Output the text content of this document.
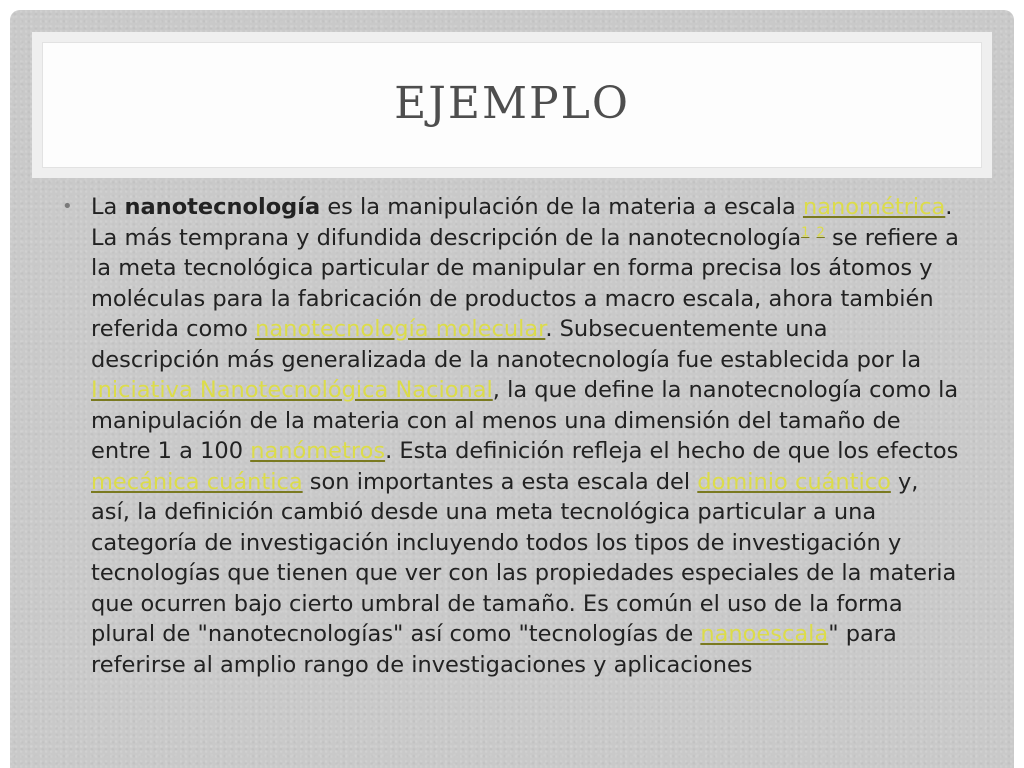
EJEMPLO
• La nanotecnología es la manipulación de la materia a escala nanométrica. La más temprana y difundida descripción de la nanotecnología$^1$ $^2$ se refiere a la meta tecnológica particular de manipular en forma precisa los átomos y moléculas para la fabricación de productos a macro escala, ahora también referida como nanotecnología molecular. Subsecuentemente una descripción más generalizada de la nanotecnología fue establecida por la Iniciativa Nanotecnológica Nacional, la que define la nanotecnología como la manipulación de la materia con al menos una dimensión del tamaño de entre 1 a 100 nanómetros. Esta definición refleja el hecho de que los efectos mecánica cuántica son importantes a esta escala del dominio cuántico y, así, la definición cambió desde una meta tecnológica particular a una categoría de investigación incluyendo todos los tipos de investigación y tecnologías que tienen que ver con las propiedades especiales de la materia que ocurren bajo cierto umbral de tamaño. Es común el uso de la forma plural de "nanotecnologías" así como "tecnologías de nanoescala" para referirse al amplio rango de investigaciones y aplicaciones
